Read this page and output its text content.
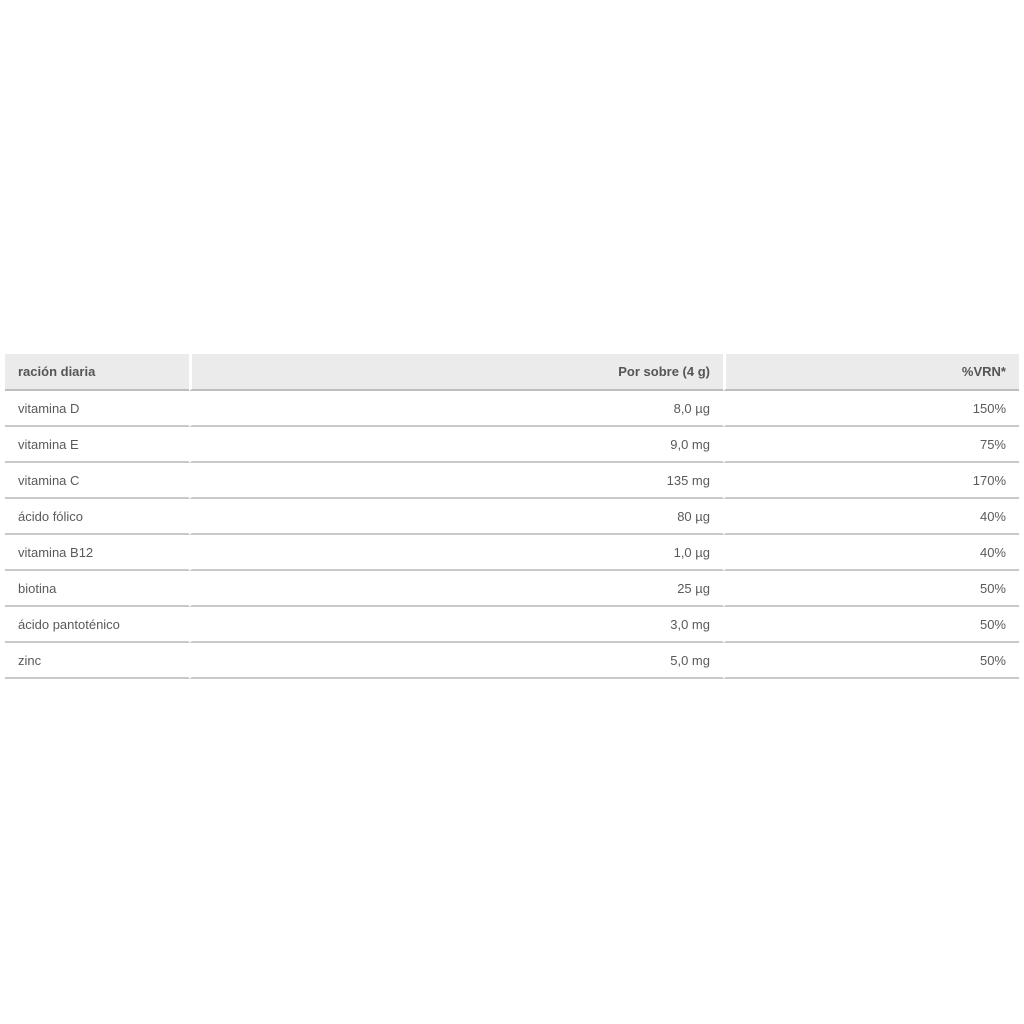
ración diaria	Por sobre (4 g)	%VRN*
vitamina D	8,0 µg	150%
vitamina E	9,0 mg	75%
vitamina C	135 mg	170%
ácido fólico	80 µg	40%
vitamina B12	1,0 µg	40%
biotina	25 µg	50%
ácido pantoténico	3,0 mg	50%
zinc	5,0 mg	50%
